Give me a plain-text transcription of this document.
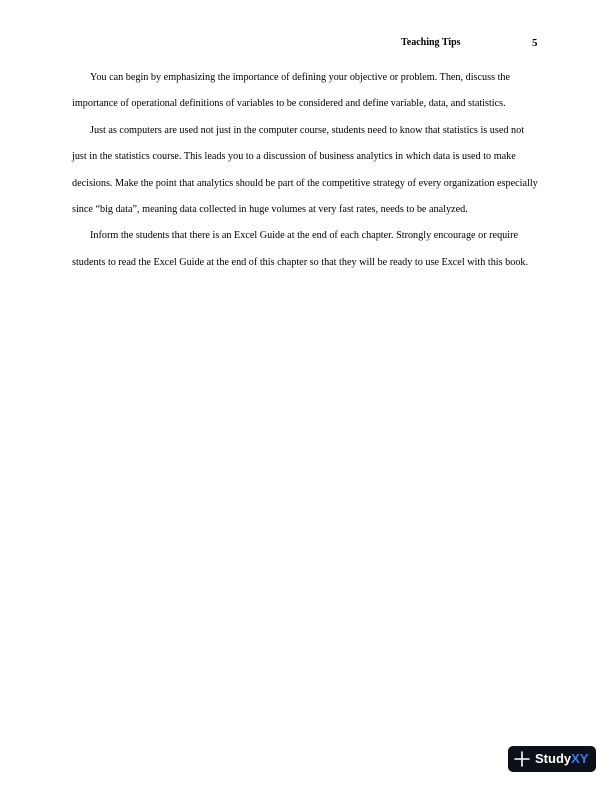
Teaching Tips	5

You can begin by emphasizing the importance of defining your objective or problem. Then, discuss the importance of operational definitions of variables to be considered and define variable, data, and statistics.

Just as computers are used not just in the computer course, students need to know that statistics is used not just in the statistics course. This leads you to a discussion of business analytics in which data is used to make decisions. Make the point that analytics should be part of the competitive strategy of every organization especially since “big data”, meaning data collected in huge volumes at very fast rates, needs to be analyzed.

Inform the students that there is an Excel Guide at the end of each chapter. Strongly encourage or require students to read the Excel Guide at the end of this chapter so that they will be ready to use Excel with this book.

StudyXY
